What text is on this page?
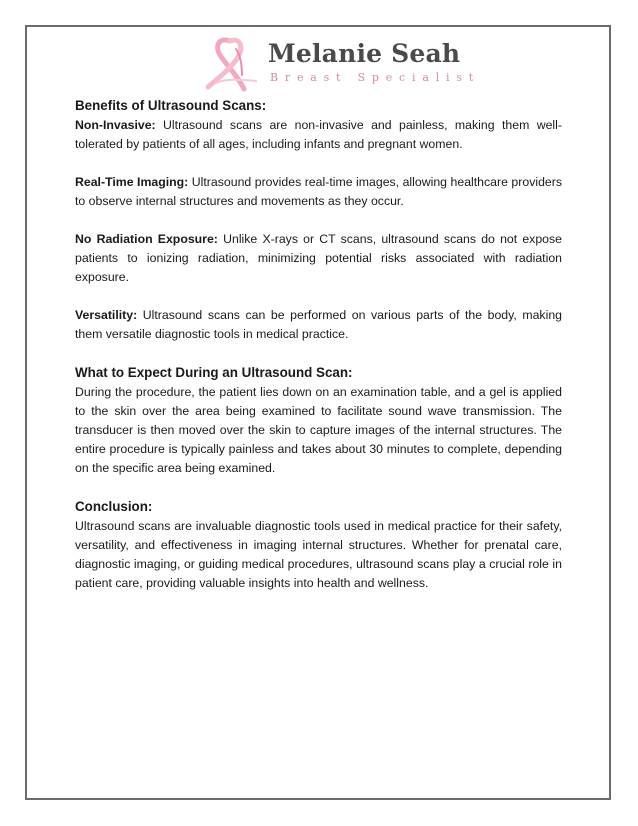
Melanie Seah
Breast Specialist
Benefits of Ultrasound Scans:

Non-Invasive: Ultrasound scans are non-invasive and painless, making them well-tolerated by patients of all ages, including infants and pregnant women.

Real-Time Imaging: Ultrasound provides real-time images, allowing healthcare providers to observe internal structures and movements as they occur.

No Radiation Exposure: Unlike X-rays or CT scans, ultrasound scans do not expose patients to ionizing radiation, minimizing potential risks associated with radiation exposure.

Versatility: Ultrasound scans can be performed on various parts of the body, making them versatile diagnostic tools in medical practice.

What to Expect During an Ultrasound Scan:

During the procedure, the patient lies down on an examination table, and a gel is applied to the skin over the area being examined to facilitate sound wave transmission. The transducer is then moved over the skin to capture images of the internal structures. The entire procedure is typically painless and takes about 30 minutes to complete, depending on the specific area being examined.

Conclusion:

Ultrasound scans are invaluable diagnostic tools used in medical practice for their safety, versatility, and effectiveness in imaging internal structures. Whether for prenatal care, diagnostic imaging, or guiding medical procedures, ultrasound scans play a crucial role in patient care, providing valuable insights into health and wellness.
